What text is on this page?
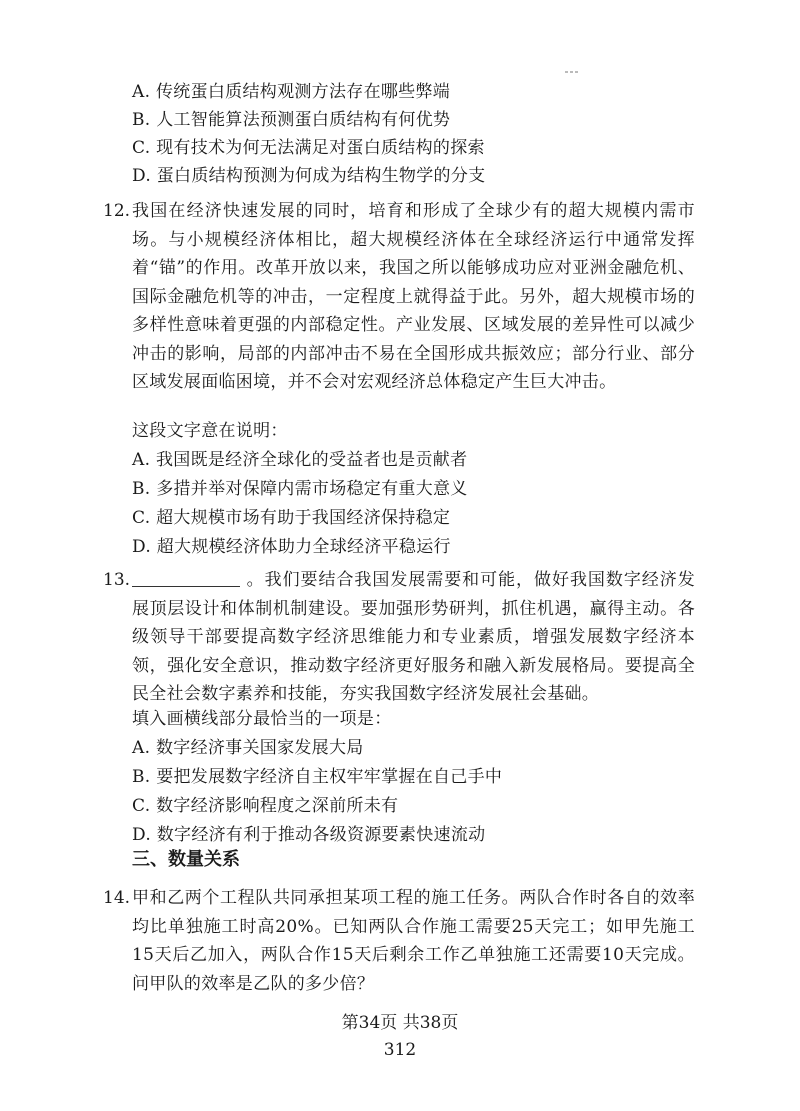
A. 传统蛋白质结构观测方法存在哪些弊端
B. 人工智能算法预测蛋白质结构有何优势
C. 现有技术为何无法满足对蛋白质结构的探索
D. 蛋白质结构预测为何成为结构生物学的分支
12. 我国在经济快速发展的同时，培育和形成了全球少有的超大规模内需市场。与小规模经济体相比，超大规模经济体在全球经济运行中通常发挥着“锚”的作用。改革开放以来，我国之所以能够成功应对亚洲金融危机、国际金融危机等的冲击，一定程度上就得益于此。另外，超大规模市场的多样性意味着更强的内部稳定性。产业发展、区域发展的差异性可以减少冲击的影响，局部的内部冲击不易在全国形成共振效应；部分行业、部分区域发展面临困境，并不会对宏观经济总体稳定产生巨大冲击。
这段文字意在说明：
A. 我国既是经济全球化的受益者也是贡献者
B. 多措并举对保障内需市场稳定有重大意义
C. 超大规模市场有助于我国经济保持稳定
D. 超大规模经济体助力全球经济平稳运行
13.	。我们要结合我国发展需要和可能，做好我国数字经济发展顶层设计和体制机制建设。要加强形势研判，抓住机遇，赢得主动。各级领导干部要提高数字经济思维能力和专业素质，增强发展数字经济本领，强化安全意识，推动数字经济更好服务和融入新发展格局。要提高全民全社会数字素养和技能，夯实我国数字经济发展社会基础。
填入画横线部分最恰当的一项是：
A. 数字经济事关国家发展大局
B. 要把发展数字经济自主权牢牢掌握在自己手中
C. 数字经济影响程度之深前所未有
D. 数字经济有利于推动各级资源要素快速流动
三、数量关系
14. 甲和乙两个工程队共同承担某项工程的施工任务。两队合作时各自的效率均比单独施工时高20%。已知两队合作施工需要25天完工；如甲先施工15天后乙加入，两队合作15天后剩余工作乙单独施工还需要10天完成。问甲队的效率是乙队的多少倍？
第34页 共38页
312
